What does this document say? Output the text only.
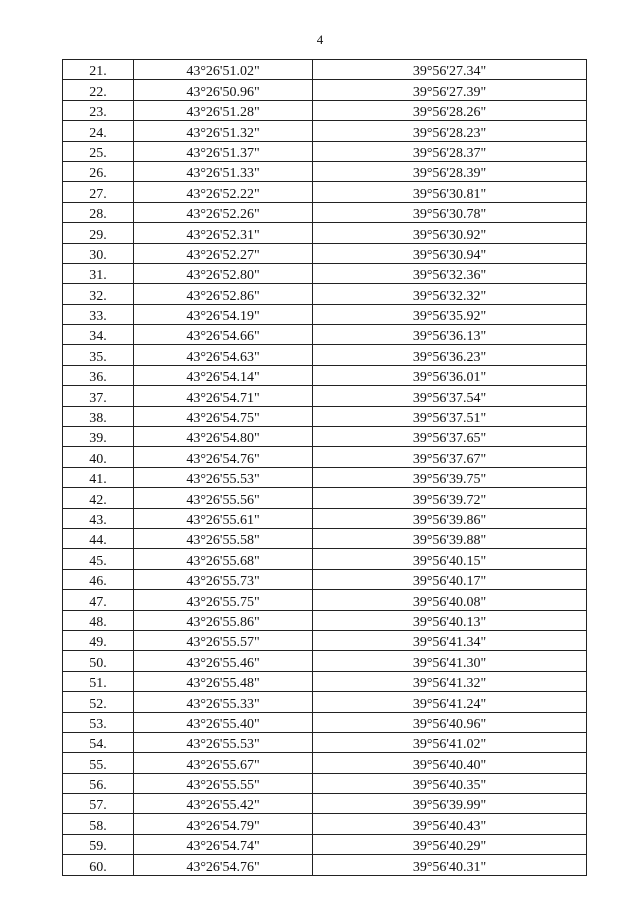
4
21.	43°26'51.02"	39°56'27.34"
22.	43°26'50.96"	39°56'27.39"
23.	43°26'51.28"	39°56'28.26"
24.	43°26'51.32"	39°56'28.23"
25.	43°26'51.37"	39°56'28.37"
26.	43°26'51.33"	39°56'28.39"
27.	43°26'52.22"	39°56'30.81"
28.	43°26'52.26"	39°56'30.78"
29.	43°26'52.31"	39°56'30.92"
30.	43°26'52.27"	39°56'30.94"
31.	43°26'52.80"	39°56'32.36"
32.	43°26'52.86"	39°56'32.32"
33.	43°26'54.19"	39°56'35.92"
34.	43°26'54.66"	39°56'36.13"
35.	43°26'54.63"	39°56'36.23"
36.	43°26'54.14"	39°56'36.01"
37.	43°26'54.71"	39°56'37.54"
38.	43°26'54.75"	39°56'37.51"
39.	43°26'54.80"	39°56'37.65"
40.	43°26'54.76"	39°56'37.67"
41.	43°26'55.53"	39°56'39.75"
42.	43°26'55.56"	39°56'39.72"
43.	43°26'55.61"	39°56'39.86"
44.	43°26'55.58"	39°56'39.88"
45.	43°26'55.68"	39°56'40.15"
46.	43°26'55.73"	39°56'40.17"
47.	43°26'55.75"	39°56'40.08"
48.	43°26'55.86"	39°56'40.13"
49.	43°26'55.57"	39°56'41.34"
50.	43°26'55.46"	39°56'41.30"
51.	43°26'55.48"	39°56'41.32"
52.	43°26'55.33"	39°56'41.24"
53.	43°26'55.40"	39°56'40.96"
54.	43°26'55.53"	39°56'41.02"
55.	43°26'55.67"	39°56'40.40"
56.	43°26'55.55"	39°56'40.35"
57.	43°26'55.42"	39°56'39.99"
58.	43°26'54.79"	39°56'40.43"
59.	43°26'54.74"	39°56'40.29"
60.	43°26'54.76"	39°56'40.31"
